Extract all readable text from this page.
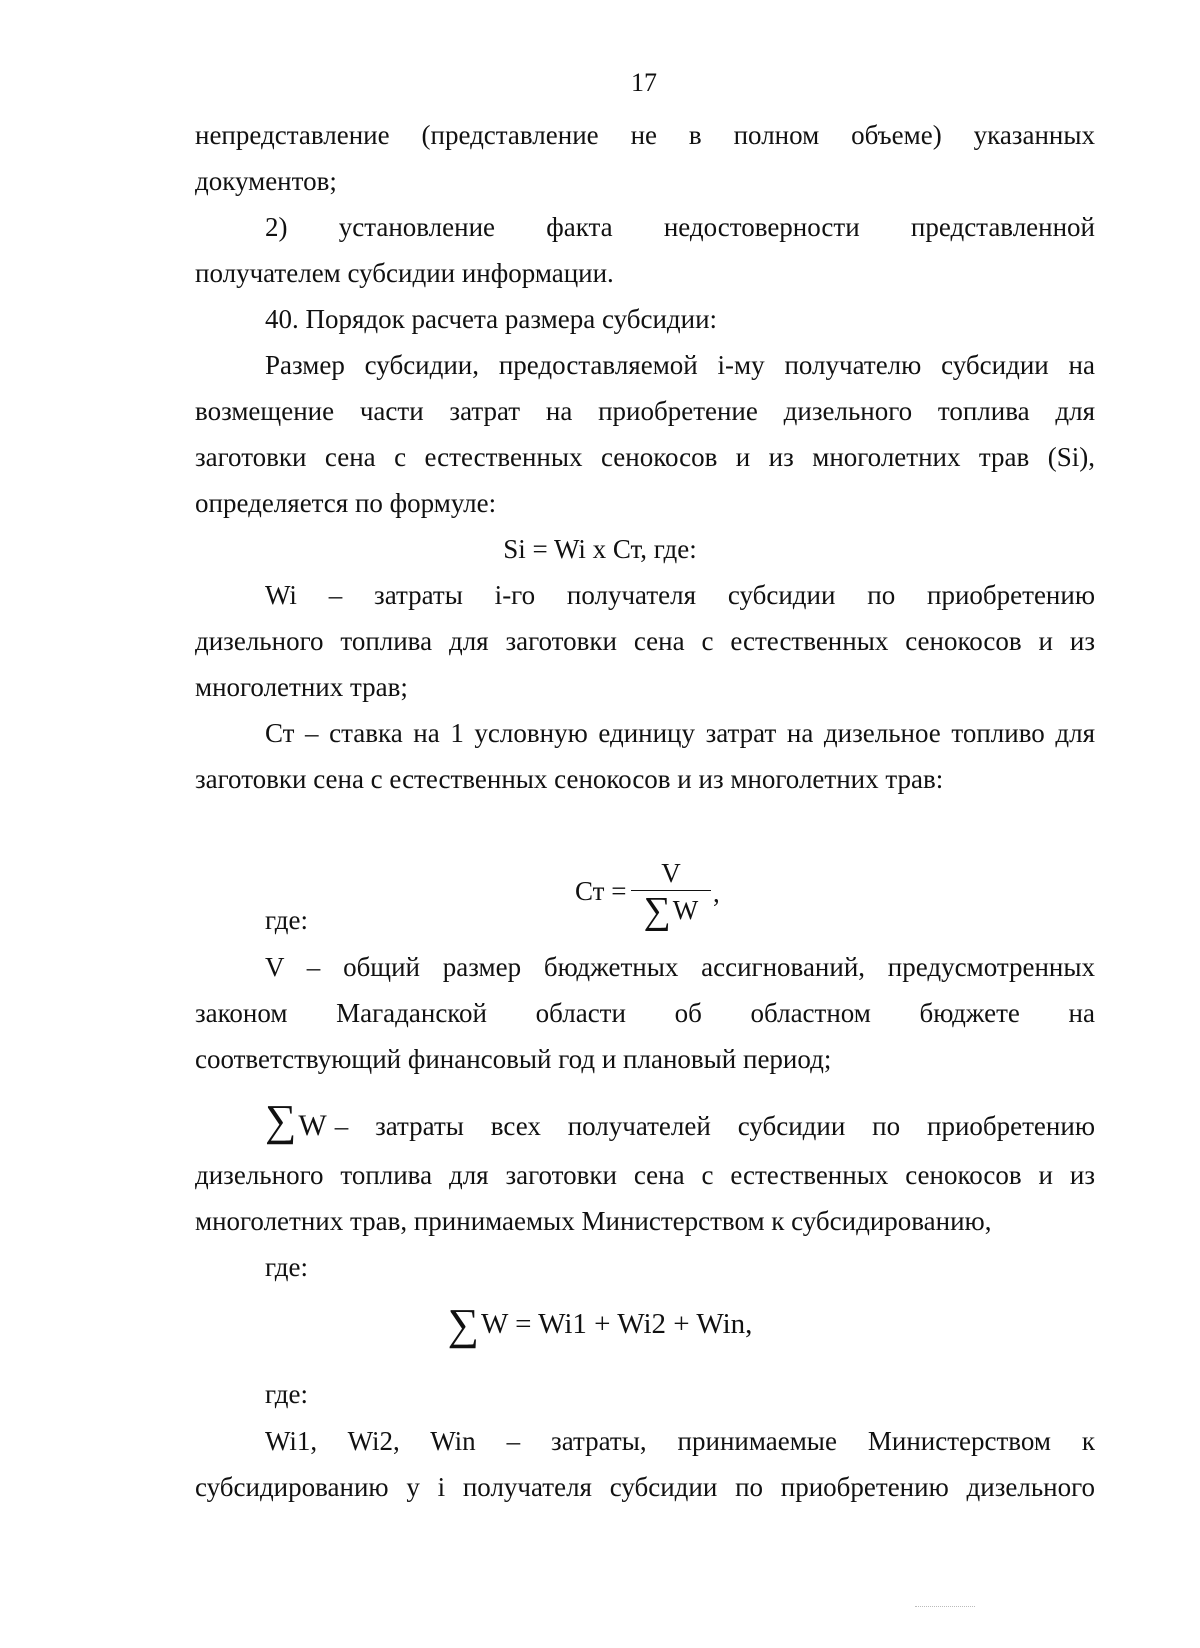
17
непредставление (представление не в полном объеме) указанных
документов;
2) установление факта недостоверности представленной
получателем субсидии информации.
40. Порядок расчета размера субсидии:
Размер субсидии, предоставляемой i-му получателю субсидии на
возмещение части затрат на приобретение дизельного топлива для
заготовки сена с естественных сенокосов и из многолетних трав (Si),
определяется по формуле:
Si = Wi x Ст, где:
Wi – затраты i-го получателя субсидии по приобретению
дизельного топлива для заготовки сена с естественных сенокосов и из
многолетних трав;
Ст – ставка на 1 условную единицу затрат на дизельное топливо для
заготовки сена с естественных сенокосов и из многолетних трав:
Ст =
V
∑W
,
где:
V – общий размер бюджетных ассигнований, предусмотренных
законом Магаданской области об областном бюджете на
соответствующий финансовый год и плановый период;
∑ W – затраты всех получателей субсидии по приобретению
дизельного топлива для заготовки сена с естественных сенокосов и из
многолетних трав, принимаемых Министерством к субсидированию,
где:
∑W = Wi1 + Wi2 + Win,
где:
Wi1, Wi2, Win – затраты, принимаемые Министерством к
субсидированию у i получателя субсидии по приобретению дизельного
